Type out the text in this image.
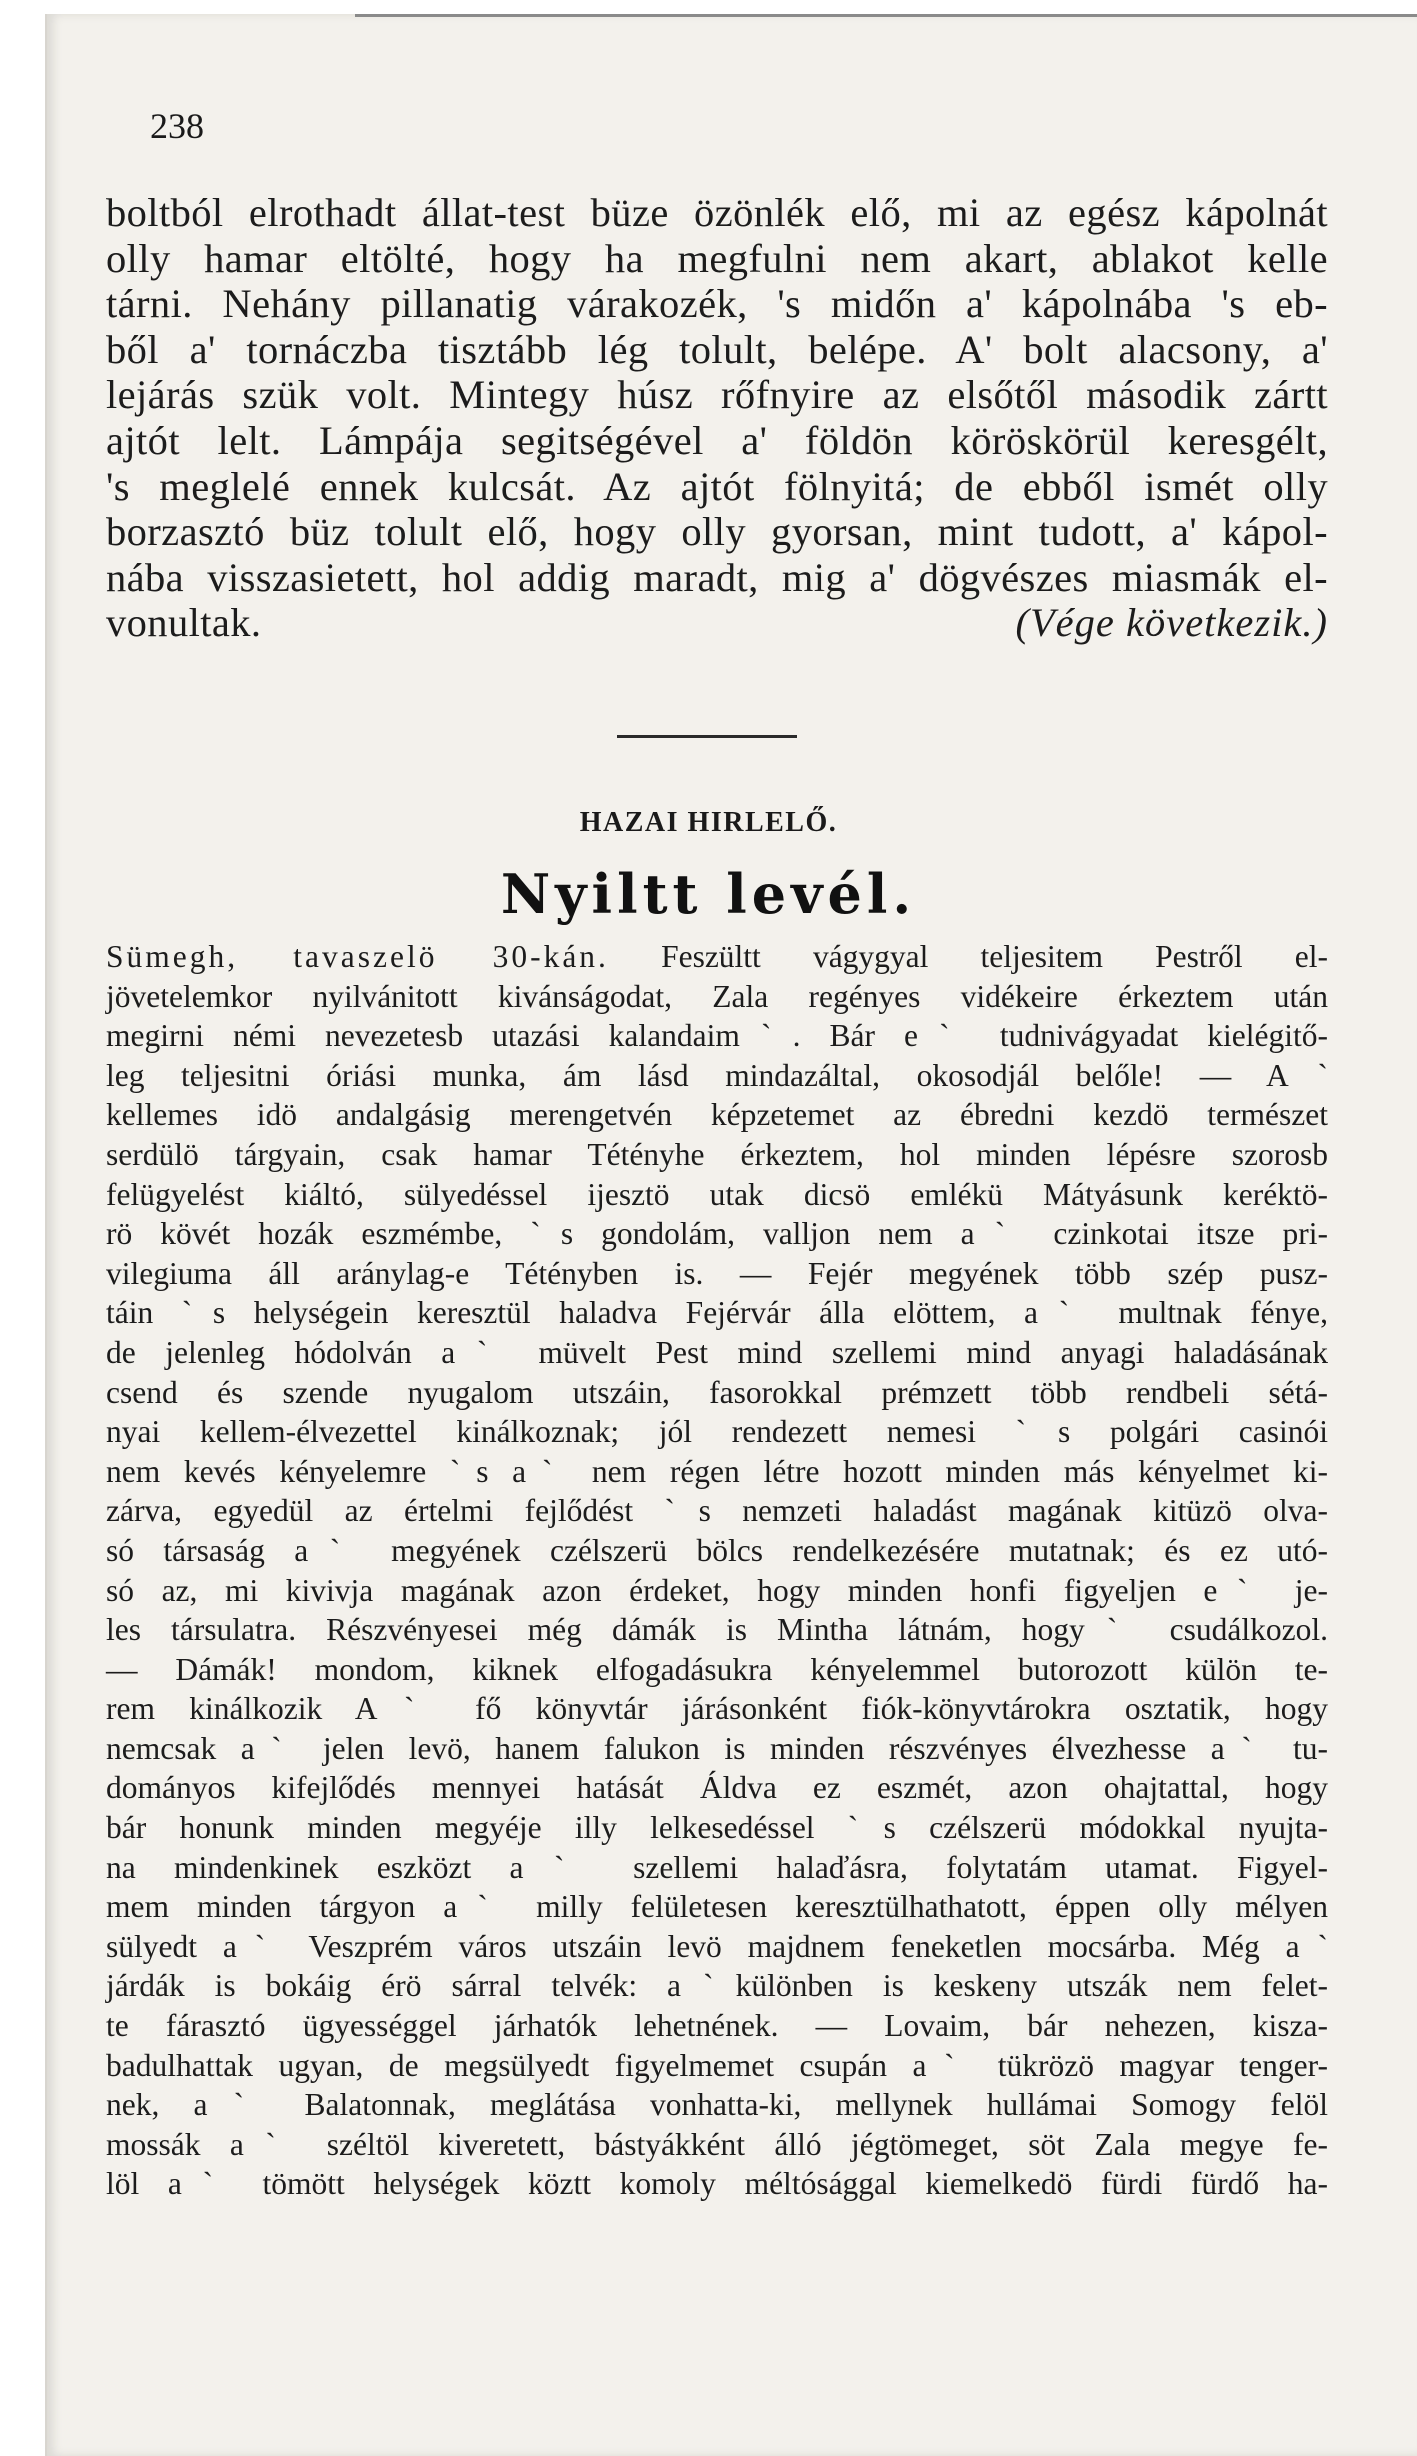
238
boltból elrothadt állat-test büze özönlék elő, mi az egész kápolnát
olly hamar eltölté, hogy ha megfulni nem akart, ablakot kelle
tárni. Nehány pillanatig várakozék, 's midőn a' kápolnába 's eb-
ből a' tornáczba tisztább lég tolult, belépe. A' bolt alacsony, a'
lejárás szük volt. Mintegy húsz rőfnyire az elsőtől második zártt
ajtót lelt. Lámpája segitségével a' földön köröskörül keresgélt,
's meglelé ennek kulcsát. Az ajtót fölnyitá; de ebből ismét olly
borzasztó büz tolult elő, hogy olly gyorsan, mint tudott, a' kápol-
nába visszasietett, hol addig maradt, mig a' dögvészes miasmák el-
vonultak.	(Vége következik.)
HAZAI HIRLELŐ.
Nyiltt levél.
Sümegh, tavaszelö 30-kán. Feszültt vágygyal teljesitem Pestről el-
jövetelemkor nyilvánitott kivánságodat, Zala regényes vidékeire érkeztem után
megirni némi nevezetesb utazási kalandaimˋ. Bár eˋ tudnivágyadat kielégitő-
leg teljesitni óriási munka, ám lásd mindazáltal, okosodjál belőle! — Aˋ
kellemes idö andalgásig merengetvén képzetemet az ébredni kezdö természet
serdülö tárgyain, csak hamar Tétényhe érkeztem, hol minden lépésre szorosb
felügyelést kiáltó, sülyedéssel ijesztö utak dicsö emlékü Mátyásunk keréktö-
rö kövét hozák eszmémbe, ˋs gondolám, valljon nem aˋ czinkotai itsze pri-
vilegiuma áll aránylag-e Tétényben is. — Fejér megyének több szép pusz-
táin ˋs helységein keresztül haladva Fejérvár álla elöttem, aˋ multnak fénye,
de jelenleg hódolván aˋ müvelt Pest mind szellemi mind anyagi haladásának
csend és szende nyugalom utszáin, fasorokkal prémzett több rendbeli sétá-
nyai kellem-élvezettel kinálkoznak; jól rendezett nemesi ˋs polgári casinói
nem kevés kényelemre ˋs aˋ nem régen létre hozott minden más kényelmet ki-
zárva, egyedül az értelmi fejlődést ˋs nemzeti haladást magának kitüzö olva-
só társaság aˋ megyének czélszerü bölcs rendelkezésére mutatnak; és ez utó-
só az, mi kivivja magának azon érdeket, hogy minden honfi figyeljen eˋ je-
les társulatra. Részvényesei még dámák is Mintha látnám, hogyˋ csudálkozol.
— Dámák! mondom, kiknek elfogadásukra kényelemmel butorozott külön te-
rem kinálkozik Aˋ fő könyvtár járásonként fiók-könyvtárokra osztatik, hogy
nemcsak aˋ jelen levö, hanem falukon is minden részvényes élvezhesse aˋ tu-
dományos kifejlődés mennyei hatását Áldva ez eszmét, azon ohajtattal, hogy
bár honunk minden megyéje illy lelkesedéssel ˋs czélszerü módokkal nyujta-
na mindenkinek eszközt aˋ szellemi halaďásra, folytatám utamat. Figyel-
mem minden tárgyon aˋ milly felületesen keresztülhathatott, éppen olly mélyen
sülyedt aˋ Veszprém város utszáin levö majdnem feneketlen mocsárba. Még aˋ
járdák is bokáig érö sárral telvék: aˋkülönben is keskeny utszák nem felet-
te fárasztó ügyességgel járhatók lehetnének. — Lovaim, bár nehezen, kisza-
badulhattak ugyan, de megsülyedt figyelmemet csupán aˋ tükrözö magyar tenger-
nek, aˋ Balatonnak, meglátása vonhatta-ki, mellynek hullámai Somogy felöl
mossák aˋ széltöl kiveretett, bástyákként álló jégtömeget, söt Zala megye fe-
löl aˋ tömött helységek köztt komoly méltósággal kiemelkedö fürdi fürdő ha-
